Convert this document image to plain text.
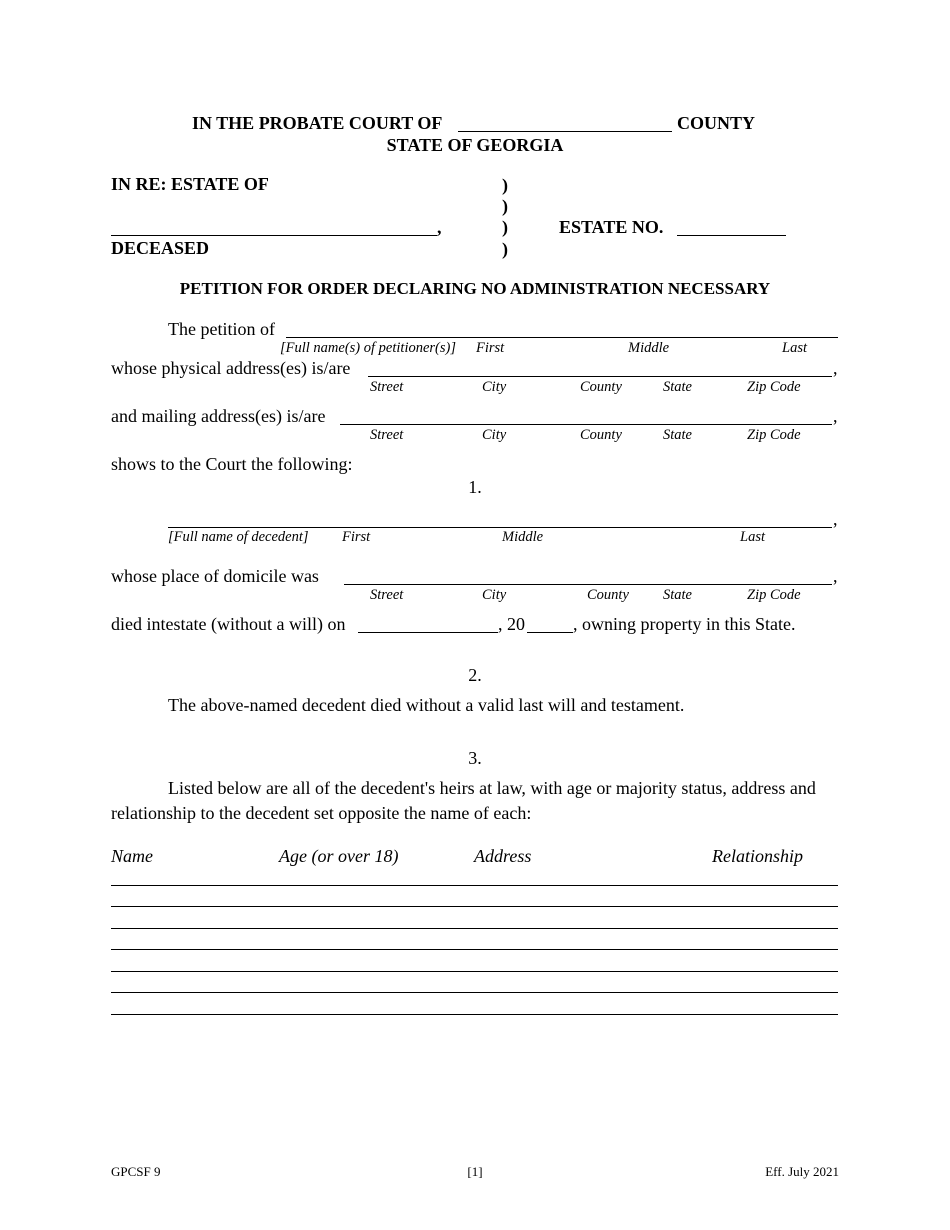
IN THE PROBATE COURT OF	COUNTY
STATE OF GEORGIA
IN RE: ESTATE OF	)
)
)
)
,
DECEASED
ESTATE NO.
PETITION FOR ORDER DECLARING NO ADMINISTRATION NECESSARY
The petition of
[Full name(s) of petitioner(s)] First	Middle	Last
whose physical address(es) is/are	,
Street	City	County	State	Zip Code
and mailing address(es) is/are	,
Street	City	County	State	Zip Code
shows to the Court the following:
1.
,
[Full name of decedent] First	Middle	Last
whose place of domicile was	,
Street	City	County State	Zip Code
died intestate (without a will) on	, 20	, owning property in this State.
2.
The above-named decedent died without a valid last will and testament.
3.
Listed below are all of the decedent's heirs at law, with age or majority status, address and
relationship to the decedent set opposite the name of each:
Name	Age (or over 18)	Address	Relationship
GPCSF 9	[1]	Eff. July 2021
